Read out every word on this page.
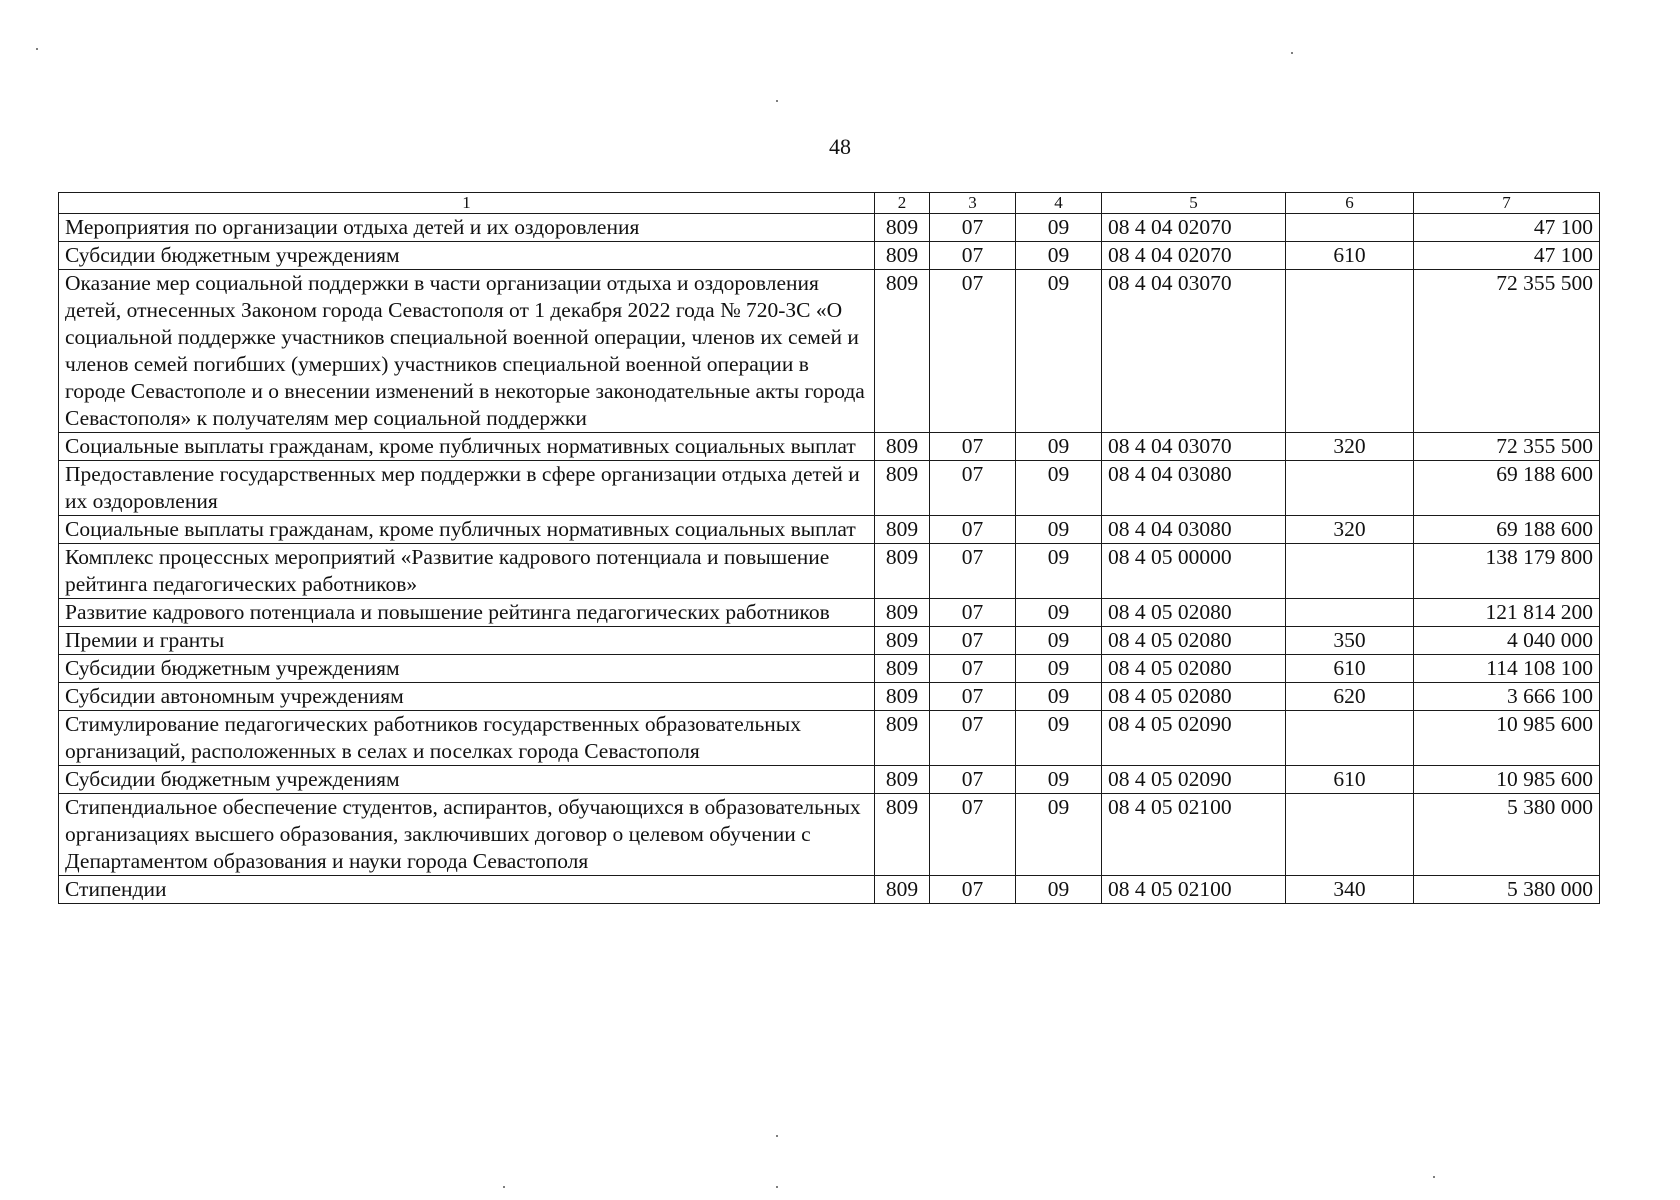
48
1	2	3	4	5	6	7
Мероприятия по организации отдыха детей и их оздоровления	809	07	09	08 4 04 02070		47 100
Субсидии бюджетным учреждениям	809	07	09	08 4 04 02070	610	47 100
Оказание мер социальной поддержки в части организации отдыха и оздоровления детей, отнесенных Законом города Севастополя от 1 декабря 2022 года № 720-ЗС «О социальной поддержке участников специальной военной операции, членов их семей и членов семей погибших (умерших) участников специальной военной операции в городе Севастополе и о внесении изменений в некоторые законодательные акты города Севастополя» к получателям мер социальной поддержки	809	07	09	08 4 04 03070		72 355 500
Социальные выплаты гражданам, кроме публичных нормативных социальных выплат	809	07	09	08 4 04 03070	320	72 355 500
Предоставление государственных мер поддержки в сфере организации отдыха детей и их оздоровления	809	07	09	08 4 04 03080		69 188 600
Социальные выплаты гражданам, кроме публичных нормативных социальных выплат	809	07	09	08 4 04 03080	320	69 188 600
Комплекс процессных мероприятий «Развитие кадрового потенциала и повышение рейтинга педагогических работников»	809	07	09	08 4 05 00000		138 179 800
Развитие кадрового потенциала и повышение рейтинга педагогических работников	809	07	09	08 4 05 02080		121 814 200
Премии и гранты	809	07	09	08 4 05 02080	350	4 040 000
Субсидии бюджетным учреждениям	809	07	09	08 4 05 02080	610	114 108 100
Субсидии автономным учреждениям	809	07	09	08 4 05 02080	620	3 666 100
Стимулирование педагогических работников государственных образовательных организаций, расположенных в селах и поселках города Севастополя	809	07	09	08 4 05 02090		10 985 600
Субсидии бюджетным учреждениям	809	07	09	08 4 05 02090	610	10 985 600
Стипендиальное обеспечение студентов, аспирантов, обучающихся в образовательных организациях высшего образования, заключивших договор о целевом обучении с Департаментом образования и науки города Севастополя	809	07	09	08 4 05 02100		5 380 000
Стипендии	809	07	09	08 4 05 02100	340	5 380 000
